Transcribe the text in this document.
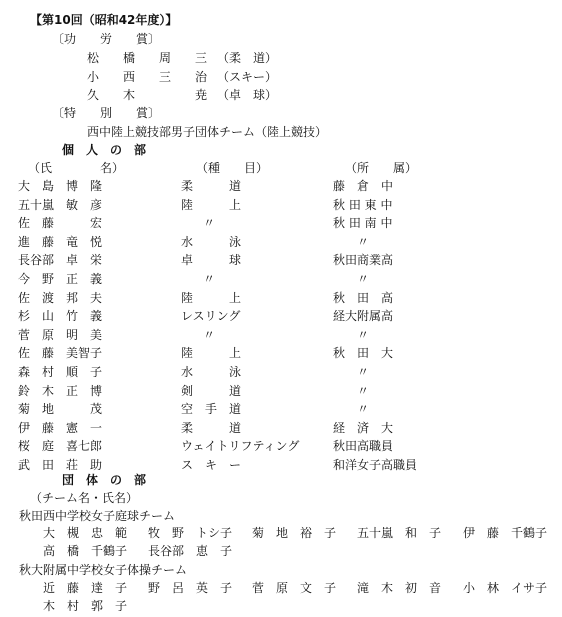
【第10回（昭和42年度）】
〔功　　労　　賞〕
松　　橋　　周　　三 （柔　道）
小　　西　　三　　治 （スキー）
久　　木　　　　　尭 （卓　球）
〔特　　別　　賞〕
西中陸上競技部男子団体チーム（陸上競技）
個　人　の　部
（氏　　　　名）	（種　　目）	（所　　属）
大　島　博　隆	柔　　　道	藤　倉　中
五十嵐　敏　彦	陸　　　上	秋 田 東 中
佐　藤　　　宏	〃	秋 田 南 中
進　藤　竜　悦	水　　　泳	〃
長谷部　卓　栄	卓　　　球	秋田商業高
今　野　正　義	〃	〃
佐　渡　邦　夫	陸　　　上	秋　田　高
杉　山　竹　義	レスリング	経大附属高
菅　原　明　美	〃	〃
佐　藤　美智子	陸　　　上	秋　田　大
森　村　順　子	水　　　泳	〃
鈴　木　正　博	剣　　　道	〃
菊　地　　　茂	空　手　道	〃
伊　藤　憲　一	柔　　　道	経　済　大
桜　庭　喜七郎	ウェイトリフティング	秋田高職員
武　田　荘　助	ス　キ　ー	和洋女子高職員
団　体　の　部
（チーム名・氏名）
秋田西中学校女子庭球チーム
大　槻　忠　範 牧　野　トシ子 菊　地　裕　子 五十嵐　和　子 伊　藤　千鶴子
高　橋　千鶴子 長谷部　恵　子
秋大附属中学校女子体操チーム
近　藤　達　子 野　呂　英　子 菅　原　文　子 滝　木　初　音 小　林　イサ子
木　村　郭　子
